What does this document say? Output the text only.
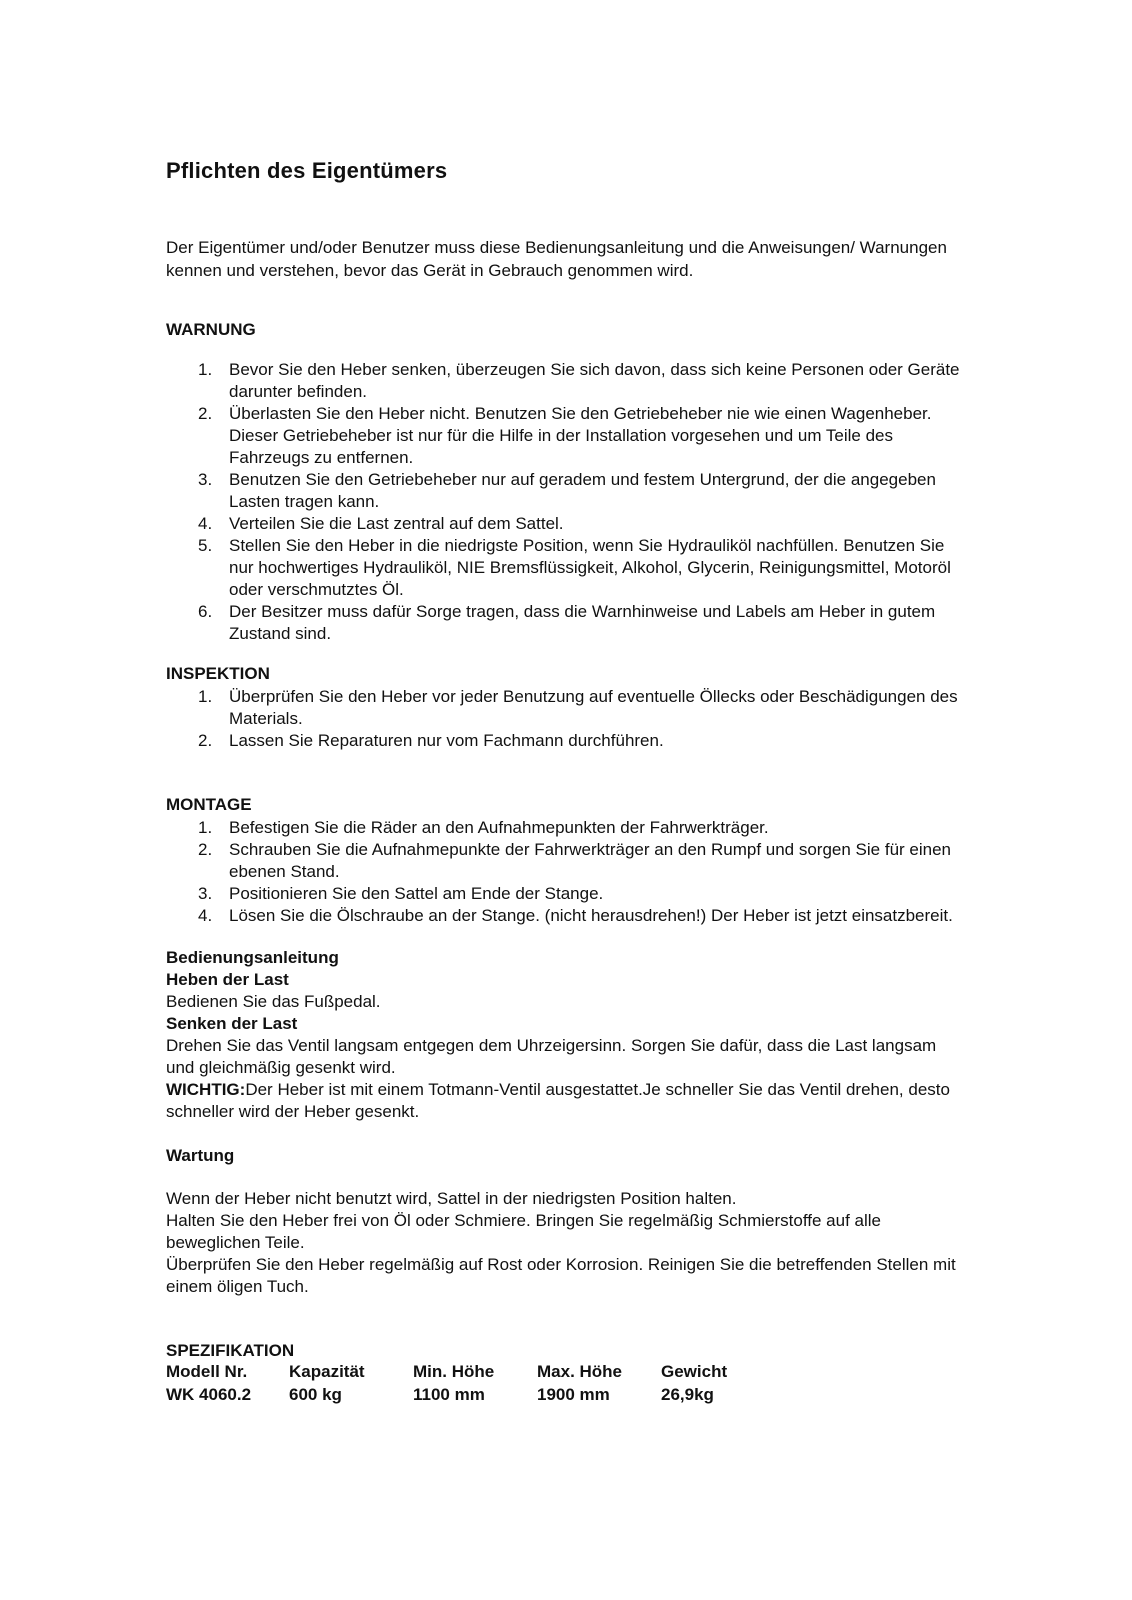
Pflichten des Eigentümers

Der Eigentümer und/oder Benutzer muss diese Bedienungsanleitung und die Anweisungen/ Warnungen kennen und verstehen, bevor das Gerät in Gebrauch genommen wird.

WARNUNG

1. Bevor Sie den Heber senken, überzeugen Sie sich davon, dass sich keine Personen oder Geräte darunter befinden.
2. Überlasten Sie den Heber nicht. Benutzen Sie den Getriebeheber nie wie einen Wagenheber. Dieser Getriebeheber ist nur für die Hilfe in der Installation vorgesehen und um Teile des Fahrzeugs zu entfernen.
3. Benutzen Sie den Getriebeheber nur auf geradem und festem Untergrund, der die angegeben Lasten tragen kann.
4. Verteilen Sie die Last zentral auf dem Sattel.
5. Stellen Sie den Heber in die niedrigste Position, wenn Sie Hydrauliköl nachfüllen. Benutzen Sie nur hochwertiges Hydrauliköl, NIE Bremsflüssigkeit, Alkohol, Glycerin, Reinigungsmittel, Motoröl oder verschmutztes Öl.
6. Der Besitzer muss dafür Sorge tragen, dass die Warnhinweise und Labels am Heber in gutem Zustand sind.

INSPEKTION

1. Überprüfen Sie den Heber vor jeder Benutzung auf eventuelle Öllecks oder Beschädigungen des Materials.
2. Lassen Sie Reparaturen nur vom Fachmann durchführen.

MONTAGE

1. Befestigen Sie die Räder an den Aufnahmepunkten der Fahrwerkträger.
2. Schrauben Sie die Aufnahmepunkte der Fahrwerkträger an den Rumpf und sorgen Sie für einen ebenen Stand.
3. Positionieren Sie den Sattel am Ende der Stange.
4. Lösen Sie die Ölschraube an der Stange. (nicht herausdrehen!) Der Heber ist jetzt einsatzbereit.
Bedienungsanleitung
Heben der Last
Bedienen Sie das Fußpedal.
Senken der Last
Drehen Sie das Ventil langsam entgegen dem Uhrzeigersinn. Sorgen Sie dafür, dass die Last langsam und gleichmäßig gesenkt wird.
WICHTIG:Der Heber ist mit einem Totmann-Ventil ausgestattet.Je schneller Sie das Ventil drehen, desto schneller wird der Heber gesenkt.

Wartung

Wenn der Heber nicht benutzt wird, Sattel in der niedrigsten Position halten.
Halten Sie den Heber frei von Öl oder Schmiere. Bringen Sie regelmäßig Schmierstoffe auf alle beweglichen Teile.
Überprüfen Sie den Heber regelmäßig auf Rost oder Korrosion. Reinigen Sie die betreffenden Stellen mit einem öligen Tuch.

SPEZIFIKATION

Modell Nr.	Kapazität	Min. Höhe	Max. Höhe	Gewicht
WK 4060.2	600 kg	1100 mm	1900 mm	26,9kg
